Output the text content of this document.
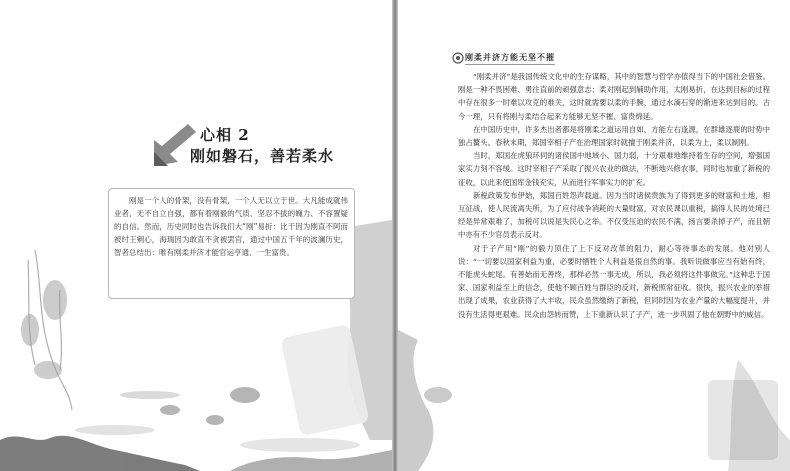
心相 2
刚如磐石，善若柔水
刚是一个人的骨架，没有骨架，一个人无以立于世。大凡能成就伟业者，无不自立自强，都有着刚毅的气质、坚忍不拔的魄力、不容置疑的自信。然而，历史同时也告诉我们大“刚”易折：比干因为刚直不阿而被纣王剜心，海瑞因为敢直不贪被罢官，通过中国五千年的波澜历史，智者总结出：唯有刚柔并济才能官运亨通、一生富贵。
刚柔并济方能无坚不摧

“刚柔并济”是我国传统文化中的生存谋略，其中的智慧与哲学亦值得当下的中国社会借鉴。刚是一种不畏困难、勇往直前的顽强意志；柔对刚起到辅助作用，太刚易折，在达到目标的过程中存在很多一时难以攻克的难关，这时就需要以柔的手腕，通过水滴石穿的渐进来达到目的。古今一理，只有将刚与柔结合起来方能够无坚不摧、富贵绵延。

在中国历史中，许多杰出者都是将刚柔之道运用自如，方能左右逢源，在群雄逐鹿的时势中独占鳌头。春秋末期，郑国宰相子产在治理国家时就擅于刚柔并济，以柔为上，柔以制刚。

当时，郑国在虎狼环伺的诸侯国中地域小、国力弱，十分艰难地维持着生存的空间，增强国家实力刻不容缓。这时宰相子产采取了振兴农业的做法，不断地兴修农事，同时也加重了新税的征收，以此来使国库金钱充实，从而进行军事实力的扩充。

新税政策发布伊始，郑国百姓怨声载道。因为当时诸侯贵族为了得到更多的财富和土地，相互征战，使人民流离失所，为了应付战争消耗的大量财富，对农民课以重税，搞得人民的处境已经是异常艰难了，加税可以说是失民心之举。不仅受压迫的农民不满，扬言要杀掉子产，而且朝中亦有不少官员表示反对。

对于子产用“刚”的毅力顶住了上下反对改革的阻力，耐心等待事态的发展。他对别人说：“一切要以国家利益为重，必要时牺牲个人利益是很自然的事。我听说做事应当有始有终，不能虎头蛇尾。有善始而无善终，那样必然一事无成，所以，我必须将这件事做完。”这种忠于国家、国家利益至上的信念，使他不顾百姓与群臣的反对，新税照常征收。很快，振兴农业的举措出现了成果，农业获得了大丰收，民众虽然缴纳了新税，但同时因为农业产量的大幅度提升，并没有生活得更艰难。民众由怨转而赞，上下重新认识了子产，进一步巩固了他在朝野中的威信。
